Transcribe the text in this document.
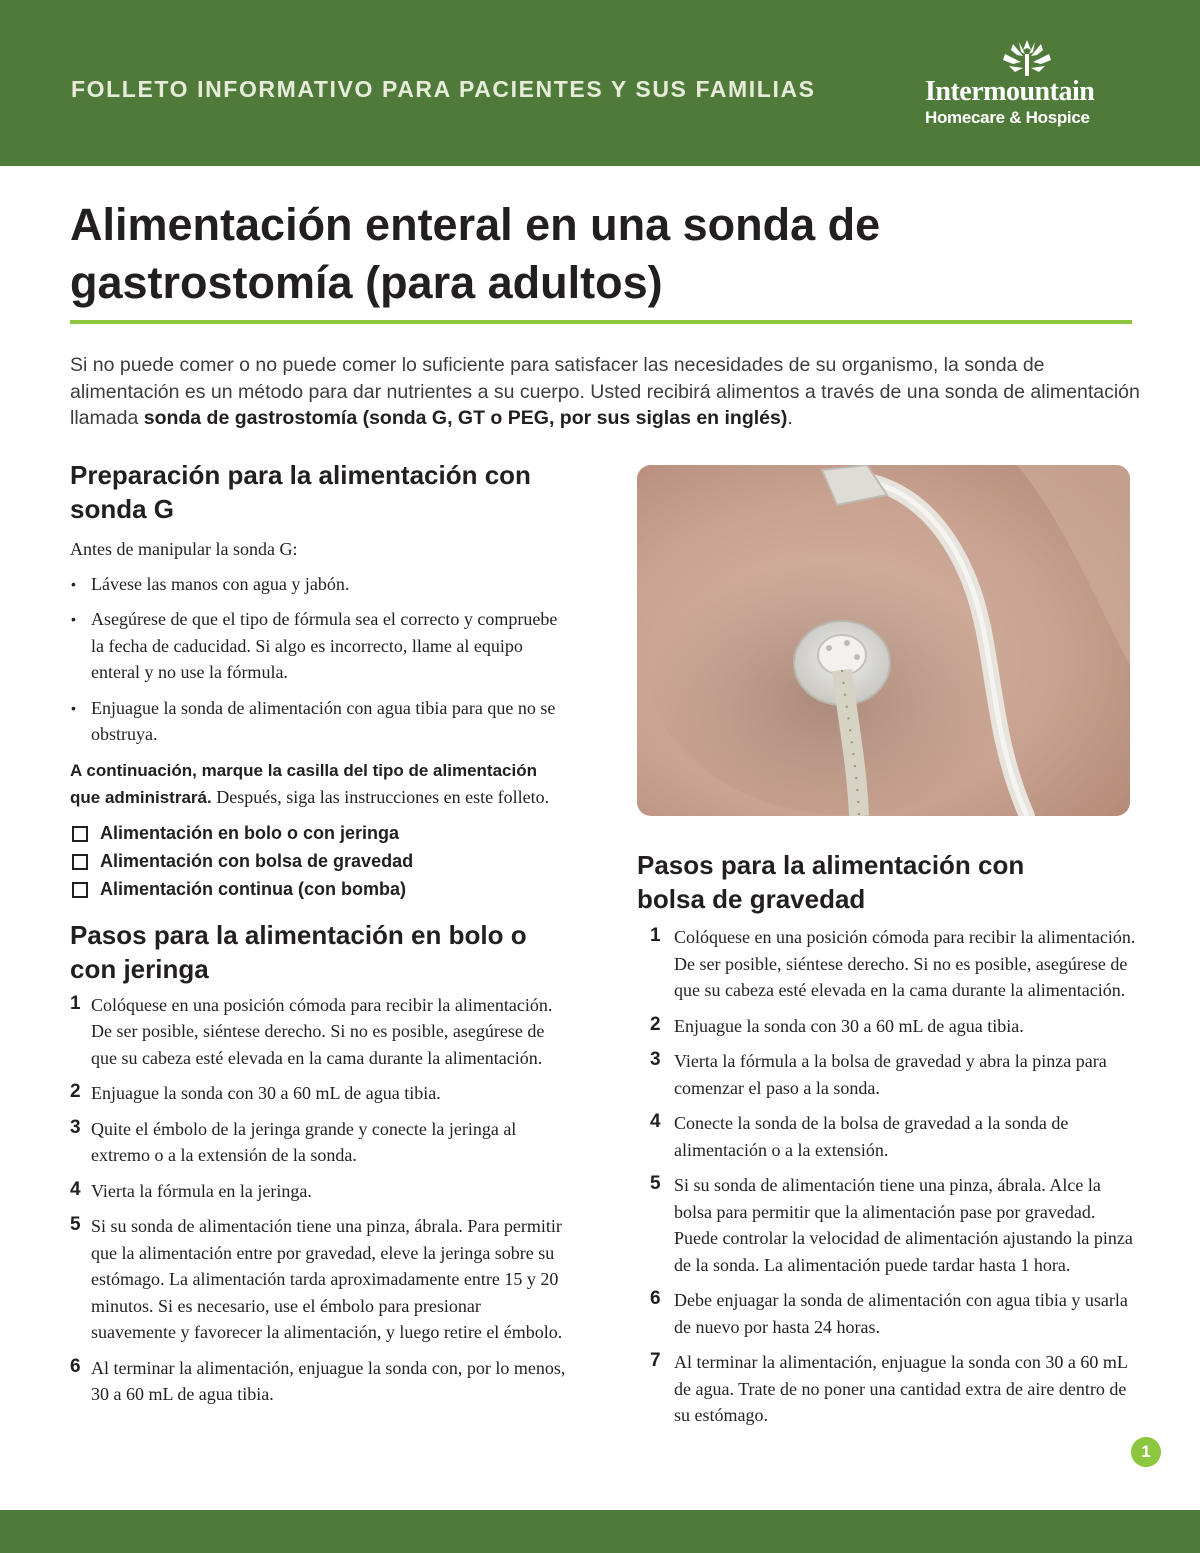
FOLLETO INFORMATIVO PARA PACIENTES Y SUS FAMILIAS	Intermountain
Homecare & Hospice
Alimentación enteral en una sonda de gastrostomía (para adultos)

Si no puede comer o no puede comer lo suficiente para satisfacer las necesidades de su organismo, la sonda de alimentación es un método para dar nutrientes a su cuerpo. Usted recibirá alimentos a través de una sonda de alimentación llamada sonda de gastrostomía (sonda G, GT o PEG, por sus siglas en inglés).

Preparación para la alimentación con sonda G

Antes de manipular la sonda G:

• Lávese las manos con agua y jabón.
• Asegúrese de que el tipo de fórmula sea el correcto y compruebe la fecha de caducidad. Si algo es incorrecto, llame al equipo enteral y no use la fórmula.
• Enjuague la sonda de alimentación con agua tibia para que no se obstruya.

A continuación, marque la casilla del tipo de alimentación que administrará. Después, siga las instrucciones en este folleto.

Alimentación en bolo o con jeringa
Alimentación con bolsa de gravedad
Alimentación continua (con bomba)
Pasos para la alimentación en bolo o con jeringa
1 Colóquese en una posición cómoda para recibir la alimentación. De ser posible, siéntese derecho. Si no es posible, asegúrese de que su cabeza esté elevada en la cama durante la alimentación.
2 Enjuague la sonda con 30 a 60 mL de agua tibia.
3 Quite el émbolo de la jeringa grande y conecte la jeringa al extremo o a la extensión de la sonda.
4 Vierta la fórmula en la jeringa.
5 Si su sonda de alimentación tiene una pinza, ábrala. Para permitir que la alimentación entre por gravedad, eleve la jeringa sobre su estómago. La alimentación tarda aproximadamente entre 15 y 20 minutos. Si es necesario, use el émbolo para presionar suavemente y favorecer la alimentación, y luego retire el émbolo.
6 Al terminar la alimentación, enjuague la sonda con, por lo menos, 30 a 60 mL de agua tibia.
Pasos para la alimentación con bolsa de gravedad
1 Colóquese en una posición cómoda para recibir la alimentación. De ser posible, siéntese derecho. Si no es posible, asegúrese de que su cabeza esté elevada en la cama durante la alimentación.
2 Enjuague la sonda con 30 a 60 mL de agua tibia.
3 Vierta la fórmula a la bolsa de gravedad y abra la pinza para comenzar el paso a la sonda.
4 Conecte la sonda de la bolsa de gravedad a la sonda de alimentación o a la extensión.
5 Si su sonda de alimentación tiene una pinza, ábrala. Alce la bolsa para permitir que la alimentación pase por gravedad. Puede controlar la velocidad de alimentación ajustando la pinza de la sonda. La alimentación puede tardar hasta 1 hora.
6 Debe enjuagar la sonda de alimentación con agua tibia y usarla de nuevo por hasta 24 horas.
7 Al terminar la alimentación, enjuague la sonda con 30 a 60 mL de agua. Trate de no poner una cantidad extra de aire dentro de su estómago.
1
